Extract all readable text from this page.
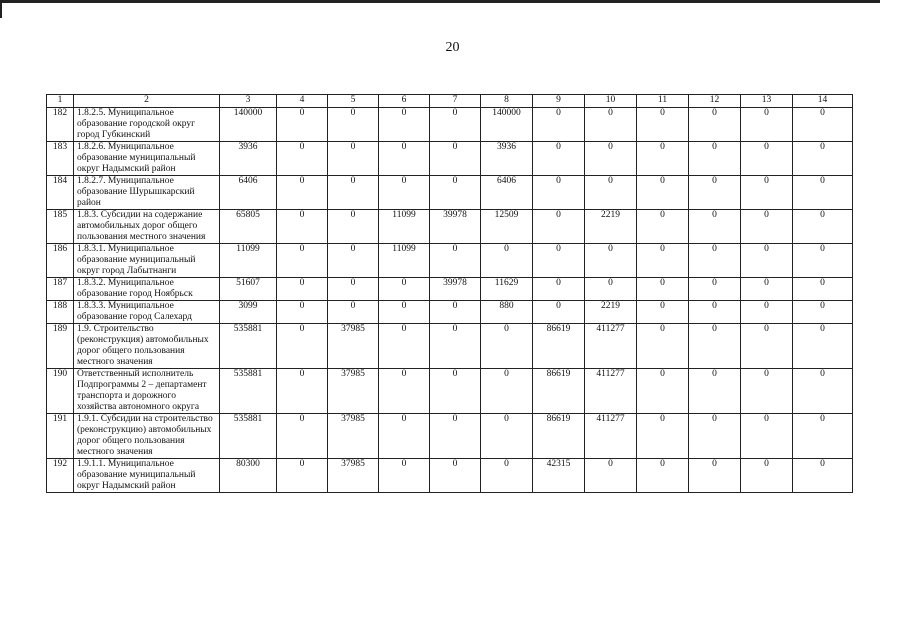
20
1	2	3	4	5	6	7	8	9	10	11	12	13	14
182	1.8.2.5. Муниципальное образование городской округ город Губкинский	140000	0	0	0	0	140000	0	0	0	0	0	0
183	1.8.2.6. Муниципальное образование муниципальный округ Надымский район	3936	0	0	0	0	3936	0	0	0	0	0	0
184	1.8.2.7. Муниципальное образование Шурышкарский район	6406	0	0	0	0	6406	0	0	0	0	0	0
185	1.8.3. Субсидии на содержание автомобильных дорог общего пользования местного значения	65805	0	0	11099	39978	12509	0	2219	0	0	0	0
186	1.8.3.1. Муниципальное образование муниципальный округ город Лабытнанги	11099	0	0	11099	0	0	0	0	0	0	0	0
187	1.8.3.2. Муниципальное образование город Ноябрьск	51607	0	0	0	39978	11629	0	0	0	0	0	0
188	1.8.3.3. Муниципальное образование город Салехард	3099	0	0	0	0	880	0	2219	0	0	0	0
189	1.9. Строительство (реконструкция) автомобильных дорог общего пользования местного значения	535881	0	37985	0	0	0	86619	411277	0	0	0	0
190	Ответственный исполнитель Подпрограммы 2 – департамент транспорта и дорожного хозяйства автономного округа	535881	0	37985	0	0	0	86619	411277	0	0	0	0
191	1.9.1. Субсидии на строительство (реконструкцию) автомобильных дорог общего пользования местного значения	535881	0	37985	0	0	0	86619	411277	0	0	0	0
192	1.9.1.1. Муниципальное образование муниципальный округ Надымский район	80300	0	37985	0	0	0	42315	0	0	0	0	0
